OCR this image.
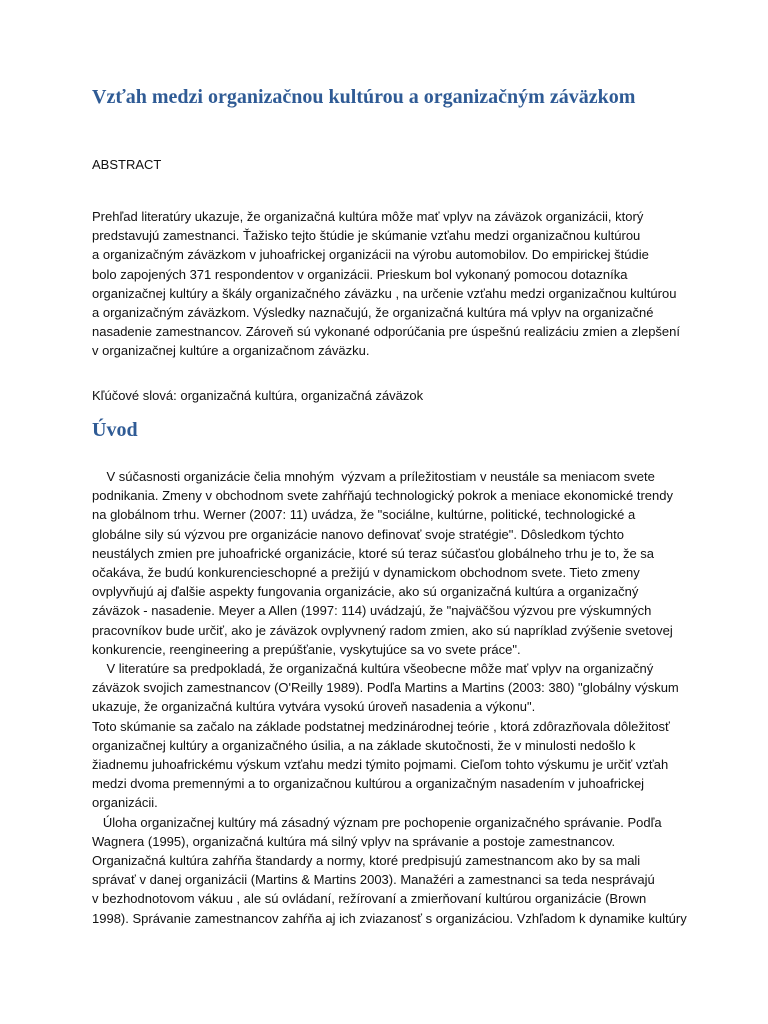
Vzťah medzi organizačnou kultúrou a organizačným záväzkom

ABSTRACT

Prehľad literatúry ukazuje, že organizačná kultúra môže mať vplyv na záväzok organizácii, ktorý
predstavujú zamestnanci. Ťažisko tejto štúdie je skúmanie vzťahu medzi organizačnou kultúrou
a organizačným záväzkom v juhoafrickej organizácii na výrobu automobilov. Do empirickej štúdie
bolo zapojených 371 respondentov v organizácii. Prieskum bol vykonaný pomocou dotazníka
organizačnej kultúry a škály organizačného záväzku , na určenie vzťahu medzi organizačnou kultúrou
a organizačným záväzkom. Výsledky naznačujú, že organizačná kultúra má vplyv na organizačné
nasadenie zamestnancov. Zároveň sú vykonané odporúčania pre úspešnú realizáciu zmien a zlepšení
v organizačnej kultúre a organizačnom záväzku.

Kľúčové slová: organizačná kultúra, organizačná záväzok

Úvod
V súčasnosti organizácie čelia mnohým  výzvam a príležitostiam v neustále sa meniacom svete
podnikania. Zmeny v obchodnom svete zahŕňajú technologický pokrok a meniace ekonomické trendy
na globálnom trhu. Werner (2007: 11) uvádza, že "sociálne, kultúrne, politické, technologické a
globálne sily sú výzvou pre organizácie nanovo definovať svoje stratégie". Dôsledkom týchto
neustálych zmien pre juhoafrické organizácie, ktoré sú teraz súčasťou globálneho trhu je to, že sa
očakáva, že budú konkurencieschopné a prežijú v dynamickom obchodnom svete. Tieto zmeny
ovplyvňujú aj ďalšie aspekty fungovania organizácie, ako sú organizačná kultúra a organizačný
záväzok - nasadenie. Meyer a Allen (1997: 114) uvádzajú, že "najväčšou výzvou pre výskumných
pracovníkov bude určiť, ako je záväzok ovplyvnený radom zmien, ako sú napríklad zvýšenie svetovej
konkurencie, reengineering a prepúšťanie, vyskytujúce sa vo svete práce".
V literatúre sa predpokladá, že organizačná kultúra všeobecne môže mať vplyv na organizačný
záväzok svojich zamestnancov (O'Reilly 1989). Podľa Martins a Martins (2003: 380) "globálny výskum
ukazuje, že organizačná kultúra vytvára vysokú úroveň nasadenia a výkonu".
Toto skúmanie sa začalo na základe podstatnej medzinárodnej teórie , ktorá zdôrazňovala dôležitosť
organizačnej kultúry a organizačného úsilia, a na základe skutočnosti, že v minulosti nedošlo k
žiadnemu juhoafrickému výskum vzťahu medzi týmito pojmami. Cieľom tohto výskumu je určiť vzťah
medzi dvoma premennými a to organizačnou kultúrou a organizačným nasadením v juhoafrickej
organizácii.
Úloha organizačnej kultúry má zásadný význam pre pochopenie organizačného správanie. Podľa
Wagnera (1995), organizačná kultúra má silný vplyv na správanie a postoje zamestnancov.
Organizačná kultúra zahŕňa štandardy a normy, ktoré predpisujú zamestnancom ako by sa mali
správať v danej organizácii (Martins & Martins 2003). Manažéri a zamestnanci sa teda nesprávajú
v bezhodnotovom vákuu , ale sú ovládaní, režírovaní a zmierňovaní kultúrou organizácie (Brown
1998). Správanie zamestnancov zahŕňa aj ich zviazanosť s organizáciou. Vzhľadom k dynamike kultúry
